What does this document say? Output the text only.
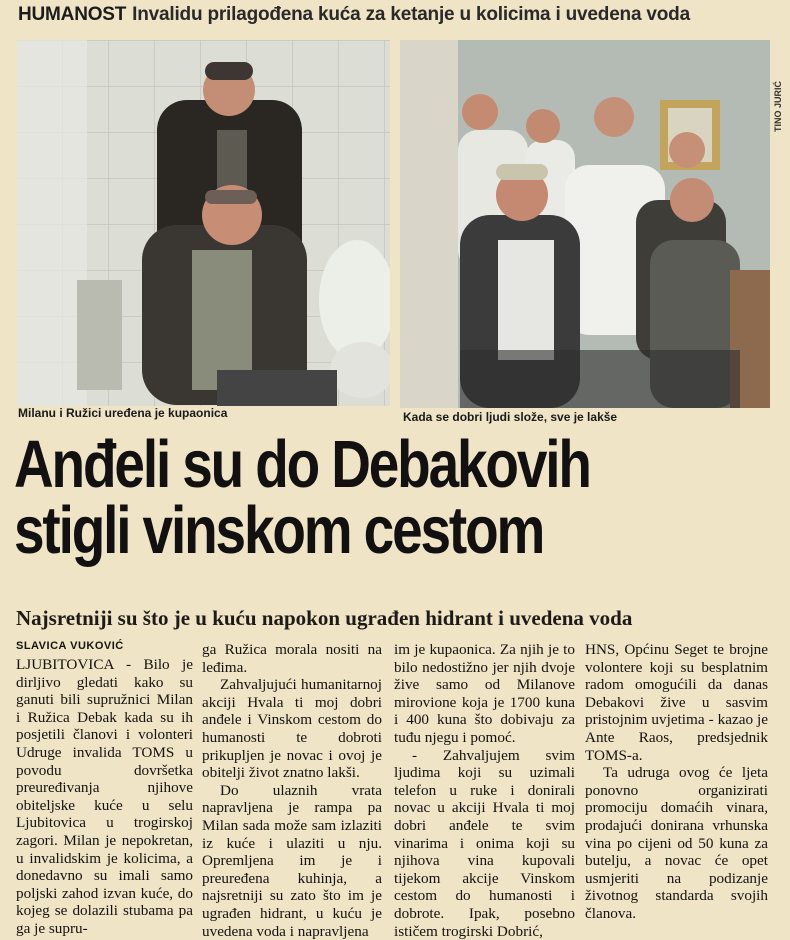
HUMANOST Invalidu prilagođena kuća za ketanje u kolicima i uvedena voda
TINO JURIĆ
Milanu i Ružici uređena je kupaonica	Kada se dobri ljudi slože, sve je lakše
Anđeli su do Debakovih
stigli vinskom cestom
Najsretniji su što je u kuću napokon ugrađen hidrant i uvedena voda
SLAVICA VUKOVIĆ

LJUBITOVICA - Bilo je dirljivo gledati kako su ganuti bili supružnici Milan i Ružica Debak kada su ih posjetili članovi i volonteri Udruge invalida TOMS u povodu dovršetka preuređivanja njihove obiteljske kuće u selu Ljubitovica u trogirskoj zagori. Milan je nepokretan, u invalidskim je kolicima, a donedavno su imali samo poljski zahod izvan kuće, do kojeg se dolazili stubama pa ga je supru-

ga Ružica morala nositi na leđima.

Zahvaljujući humanitarnoj akciji Hvala ti moj dobri anđele i Vinskom cestom do humanosti te dobroti prikupljen je novac i ovoj je obitelji život znatno lakši.

Do ulaznih vrata napravljena je rampa pa Milan sada može sam izlaziti iz kuće i ulaziti u nju. Opremljena im je i preuređena kuhinja, a najsretniji su zato što im je ugrađen hidrant, u kuću je uvedena voda i napravljena

im je kupaonica. Za njih je to bilo nedostižno jer njih dvoje žive samo od Milanove mirovione koja je 1700 kuna i 400 kuna što dobivaju za tuđu njegu i pomoć.

- Zahvaljujem svim ljudima koji su uzimali telefon u ruke i donirali novac u akciji Hvala ti moj dobri anđele te svim vinarima i onima koji su njihova vina kupovali tijekom akcije Vinskom cestom do humanosti i dobrote. Ipak, posebno ističem trogirski Dobrić,

HNS, Općinu Seget te brojne volontere koji su besplatnim radom omogućili da danas Debakovi žive u sasvim pristojnim uvjetima - kazao je Ante Raos, predsjednik TOMS-a.

Ta udruga ovog će ljeta ponovno organizirati promociju domaćih vinara, prodajući donirana vrhunska vina po cijeni od 50 kuna za butelju, a novac će opet usmjeriti na podizanje životnog standarda svojih članova.
